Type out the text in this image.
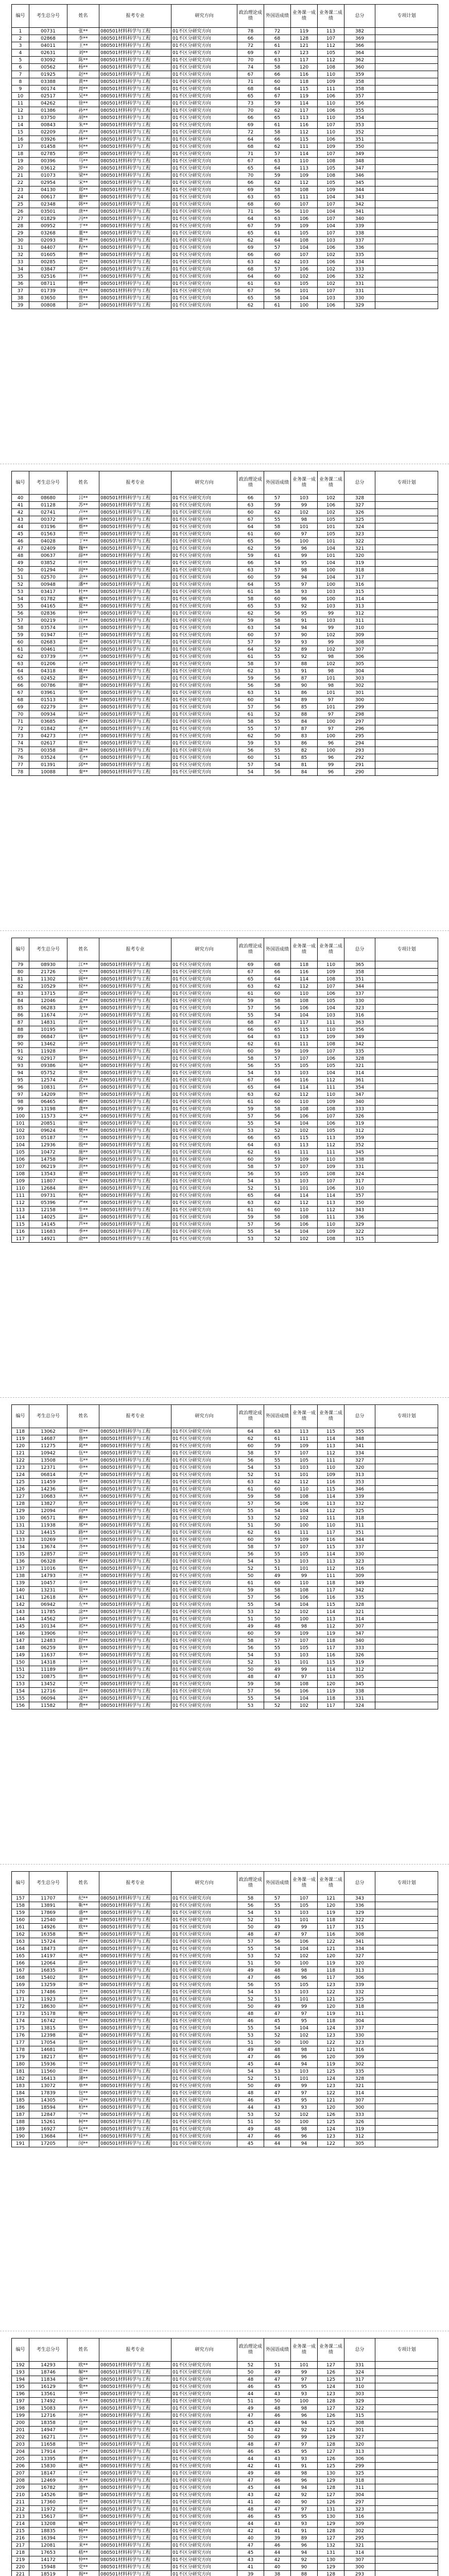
编号	考生总分号	姓名	报考专业	研究方向	政治理论成绩	外国语成绩	业务课一成绩	业务课二成绩	总分	专项计划
1	00731	张**	080501材料科学与工程	01不区分研究方向	78	72	119	113	382	
2	02868	李**	080501材料科学与工程	01不区分研究方向	66	68	128	107	369	
3	04011	王**	080501材料科学与工程	01不区分研究方向	72	61	121	112	366	
4	02631	刘**	080501材料科学与工程	01不区分研究方向	69	67	123	105	364	
5	03092	陈**	080501材料科学与工程	01不区分研究方向	70	63	117	112	362	
6	00562	杨**	080501材料科学与工程	01不区分研究方向	74	58	120	108	360	
7	01925	赵**	080501材料科学与工程	01不区分研究方向	67	66	116	110	359	
8	03388	黄**	080501材料科学与工程	01不区分研究方向	71	60	118	109	358	
9	00174	周**	080501材料科学与工程	01不区分研究方向	68	64	115	111	358	
10	02517	吴**	080501材料科学与工程	01不区分研究方向	65	67	119	106	357	
11	04262	徐**	080501材料科学与工程	01不区分研究方向	73	59	114	110	356	
12	01386	孙**	080501材料科学与工程	01不区分研究方向	70	62	117	106	355	
13	03750	胡**	080501材料科学与工程	01不区分研究方向	66	65	113	110	354	
14	00843	朱**	080501材料科学与工程	01不区分研究方向	69	61	116	107	353	
15	02209	高**	080501材料科学与工程	01不区分研究方向	72	58	112	110	352	
16	03926	林**	080501材料科学与工程	01不区分研究方向	64	66	115	106	351	
17	01458	何**	080501材料科学与工程	01不区分研究方向	68	62	111	109	350	
18	02785	郭**	080501材料科学与工程	01不区分研究方向	71	57	114	107	349	
19	00396	马**	080501材料科学与工程	01不区分研究方向	67	63	110	108	348	
20	03612	罗**	080501材料科学与工程	01不区分研究方向	65	64	113	105	347	
21	01073	梁**	080501材料科学与工程	01不区分研究方向	70	59	109	108	346	
22	02954	宋**	080501材料科学与工程	01不区分研究方向	66	62	112	105	345	
23	04130	郑**	080501材料科学与工程	01不区分研究方向	69	58	108	109	344	
24	00617	谢**	080501材料科学与工程	01不区分研究方向	63	65	111	104	343	
25	02348	韩**	080501材料科学与工程	01不区分研究方向	68	60	107	107	342	
26	03501	唐**	080501材料科学与工程	01不区分研究方向	71	56	110	104	341	
27	01829	冯**	080501材料科学与工程	01不区分研究方向	64	63	106	107	340	
28	00952	于**	080501材料科学与工程	01不区分研究方向	67	59	109	104	339	
29	03268	董**	080501材料科学与工程	01不区分研究方向	65	61	105	107	338	
30	02093	萧**	080501材料科学与工程	01不区分研究方向	62	64	108	103	337	
31	04407	程**	080501材料科学与工程	01不区分研究方向	69	57	104	106	336	
32	01605	曹**	080501材料科学与工程	01不区分研究方向	66	60	107	102	335	
33	00285	袁**	080501材料科学与工程	01不区分研究方向	63	62	103	106	334	
34	03847	邓**	080501材料科学与工程	01不区分研究方向	68	57	106	102	333	
35	02516	许**	080501材料科学与工程	01不区分研究方向	64	60	102	106	332	
36	08711	傅**	080501材料科学与工程	01不区分研究方向	61	63	105	102	331	
37	01739	沈**	080501材料科学与工程	01不区分研究方向	67	56	101	107	331	
38	03650	曾**	080501材料科学与工程	01不区分研究方向	65	58	104	103	330	
39	00808	彭**	080501材料科学与工程	01不区分研究方向	62	61	100	106	329	
编号	考生总分号	姓名	报考专业	研究方向	政治理论成绩	外国语成绩	业务课一成绩	业务课二成绩	总分	专项计划
40	08680	吕**	080501材料科学与工程	01不区分研究方向	66	57	103	102	328	
41	01128	苏**	080501材料科学与工程	01不区分研究方向	63	59	99	106	327	
42	02741	卢**	080501材料科学与工程	01不区分研究方向	60	62	102	102	326	
43	00372	蒋**	080501材料科学与工程	01不区分研究方向	67	55	98	105	325	
44	03196	蔡**	080501材料科学与工程	01不区分研究方向	64	58	101	101	324	
45	01563	贾**	080501材料科学与工程	01不区分研究方向	61	60	97	105	323	
46	04028	丁**	080501材料科学与工程	01不区分研究方向	65	56	100	101	322	
47	02409	魏**	080501材料科学与工程	01不区分研究方向	62	59	96	104	321	
48	00637	薛**	080501材料科学与工程	01不区分研究方向	59	61	99	101	320	
49	03852	叶**	080501材料科学与工程	01不区分研究方向	66	54	95	104	319	
50	01294	阎**	080501材料科学与工程	01不区分研究方向	63	57	98	100	318	
51	02570	余**	080501材料科学与工程	01不区分研究方向	60	59	94	104	317	
52	00948	潘**	080501材料科学与工程	01不区分研究方向	64	55	97	100	316	
53	03417	杜**	080501材料科学与工程	01不区分研究方向	61	58	93	103	315	
54	01782	戴**	080501材料科学与工程	01不区分研究方向	58	60	96	100	314	
55	04165	夏**	080501材料科学与工程	01不区分研究方向	65	53	92	103	313	
56	02836	钟**	080501材料科学与工程	01不区分研究方向	62	56	95	99	312	
57	00219	汪**	080501材料科学与工程	01不区分研究方向	59	58	91	103	311	
58	03574	田**	080501材料科学与工程	01不区分研究方向	63	54	94	99	310	
59	01947	任**	080501材料科学与工程	01不区分研究方向	60	57	90	102	309	
60	02683	姜**	080501材料科学与工程	01不区分研究方向	57	59	93	99	308	
61	00461	范**	080501材料科学与工程	01不区分研究方向	64	52	89	102	307	
62	03739	方**	080501材料科学与工程	01不区分研究方向	61	55	92	98	306	
63	01206	石**	080501材料科学与工程	01不区分研究方向	58	57	88	102	305	
64	04318	姚**	080501材料科学与工程	01不区分研究方向	62	53	91	98	304	
65	02452	谭**	080501材料科学与工程	01不区分研究方向	59	56	87	101	303	
66	00786	廖**	080501材料科学与工程	01不区分研究方向	56	58	90	98	302	
67	03961	邹**	080501材料科学与工程	01不区分研究方向	63	51	86	101	301	
68	01513	熊**	080501材料科学与工程	01不区分研究方向	60	54	89	97	300	
69	02279	金**	080501材料科学与工程	01不区分研究方向	57	56	85	101	299	
70	00934	陆**	080501材料科学与工程	01不区分研究方向	61	52	88	97	298	
71	03685	郝**	080501材料科学与工程	01不区分研究方向	58	55	84	100	297	
72	01842	孔**	080501材料科学与工程	01不区分研究方向	55	57	87	97	296	
73	04273	白**	080501材料科学与工程	01不区分研究方向	62	50	83	100	295	
74	02617	崔**	080501材料科学与工程	01不区分研究方向	59	53	86	96	294	
75	00358	康**	080501材料科学与工程	01不区分研究方向	56	55	82	100	293	
76	03524	毛**	080501材料科学与工程	01不区分研究方向	60	51	85	96	292	
77	01391	邱**	080501材料科学与工程	01不区分研究方向	57	54	81	99	291	
78	10088	秦**	080501材料科学与工程	01不区分研究方向	54	56	84	96	290	
编号	考生总分号	姓名	报考专业	研究方向	政治理论成绩	外国语成绩	业务课一成绩	业务课二成绩	总分	专项计划
79	08930	江**	080501材料科学与工程	01不区分研究方向	69	68	118	110	365	
80	21726	史**	080501材料科学与工程	01不区分研究方向	67	66	116	109	358	
81	11302	顾**	080501材料科学与工程	01不区分研究方向	65	64	114	108	351	
82	10529	侯**	080501材料科学与工程	01不区分研究方向	63	62	112	107	344	
83	13715	邵**	080501材料科学与工程	01不区分研究方向	61	60	110	106	337	
84	12046	孟**	080501材料科学与工程	01不区分研究方向	59	58	108	105	330	
85	06283	龙**	080501材料科学与工程	01不区分研究方向	57	56	106	104	323	
86	11674	万**	080501材料科学与工程	01不区分研究方向	55	54	104	103	316	
87	14831	段**	080501材料科学与工程	01不区分研究方向	68	67	117	111	363	
88	10195	雷**	080501材料科学与工程	01不区分研究方向	66	65	115	110	356	
89	06847	钱**	080501材料科学与工程	01不区分研究方向	64	63	113	109	349	
90	13462	汤**	080501材料科学与工程	01不区分研究方向	62	61	111	108	342	
91	11928	尹**	080501材料科学与工程	01不区分研究方向	60	59	109	107	335	
92	02917	黎**	080501材料科学与工程	01不区分研究方向	58	57	107	106	328	
93	09386	易**	080501材料科学与工程	01不区分研究方向	56	55	105	105	321	
94	05752	常**	080501材料科学与工程	01不区分研究方向	54	53	103	104	314	
95	12574	武**	080501材料科学与工程	01不区分研究方向	67	66	116	112	361	
96	10831	乔**	080501材料科学与工程	01不区分研究方向	65	64	114	111	354	
97	14209	贺**	080501材料科学与工程	01不区分研究方向	63	62	112	110	347	
98	06465	赖**	080501材料科学与工程	01不区分研究方向	61	60	110	109	340	
99	13198	龚**	080501材料科学与工程	01不区分研究方向	59	58	108	108	333	
100	11573	文**	080501材料科学与工程	01不区分研究方向	57	56	106	107	326	
101	20851	庞**	080501材料科学与工程	01不区分研究方向	55	54	104	106	319	
102	09624	樊**	080501材料科学与工程	01不区分研究方向	53	52	102	105	312	
103	05187	兰**	080501材料科学与工程	01不区分研究方向	66	65	115	113	359	
104	12936	殷**	080501材料科学与工程	01不区分研究方向	64	63	113	112	352	
105	10472	施**	080501材料科学与工程	01不区分研究方向	62	61	111	111	345	
106	14758	陶**	080501材料科学与工程	01不区分研究方向	60	59	109	110	338	
107	06219	洪**	080501材料科学与工程	01不区分研究方向	58	57	107	109	331	
108	13543	翟**	080501材料科学与工程	01不区分研究方向	56	55	105	108	324	
109	11807	安**	080501材料科学与工程	01不区分研究方向	54	53	103	107	317	
110	12684	颜**	080501材料科学与工程	01不区分研究方向	52	51	101	106	310	
111	09731	倪**	080501材料科学与工程	01不区分研究方向	65	64	114	114	357	
112	05396	严**	080501材料科学与工程	01不区分研究方向	63	62	112	113	350	
113	12158	牛**	080501材料科学与工程	01不区分研究方向	61	60	110	112	343	
114	14025	温**	080501材料科学与工程	01不区分研究方向	59	58	108	111	336	
115	14145	芦**	080501材料科学与工程	01不区分研究方向	57	56	106	110	329	
116	11683	季**	080501材料科学与工程	01不区分研究方向	55	54	104	109	322	
117	14921	俞**	080501材料科学与工程	01不区分研究方向	53	52	102	108	315	
编号	考生总分号	姓名	报考专业	研究方向	政治理论成绩	外国语成绩	业务课一成绩	业务课二成绩	总分	专项计划
118	13062	章**	080501材料科学与工程	01不区分研究方向	64	63	113	115	355	
119	14687	鲁**	080501材料科学与工程	01不区分研究方向	62	61	111	114	348	
120	11275	葛**	080501材料科学与工程	01不区分研究方向	60	59	109	113	341	
121	10942	伍**	080501材料科学与工程	01不区分研究方向	58	57	107	112	334	
122	13508	韦**	080501材料科学与工程	01不区分研究方向	56	55	105	111	327	
123	12371	申**	080501材料科学与工程	01不区分研究方向	54	53	103	110	320	
124	06814	尤**	080501材料科学与工程	01不区分研究方向	52	51	101	109	313	
125	11459	毕**	080501材料科学与工程	01不区分研究方向	63	62	112	116	353	
126	14236	聂**	080501材料科学与工程	01不区分研究方向	61	60	110	115	346	
127	10683	丛**	080501材料科学与工程	01不区分研究方向	59	58	108	114	339	
128	13827	焦**	080501材料科学与工程	01不区分研究方向	57	56	106	113	332	
129	12094	向**	080501材料科学与工程	01不区分研究方向	55	54	104	112	325	
130	06571	柳**	080501材料科学与工程	01不区分研究方向	53	52	102	111	318	
131	11938	邢**	080501材料科学与工程	01不区分研究方向	51	50	100	110	311	
132	14415	路**	080501材料科学与工程	01不区分研究方向	62	61	111	117	351	
133	10269	岳**	080501材料科学与工程	01不区分研究方向	60	59	109	116	344	
134	13674	齐**	080501材料科学与工程	01不区分研究方向	58	57	107	115	337	
135	12857	沿**	080501材料科学与工程	01不区分研究方向	56	55	105	114	330	
136	06328	梅**	080501材料科学与工程	01不区分研究方向	54	53	103	113	323	
137	11016	莫**	080501材料科学与工程	01不区分研究方向	52	51	101	112	316	
138	14793	庄**	080501材料科学与工程	01不区分研究方向	50	49	99	111	309	
139	10457	辛**	080501材料科学与工程	01不区分研究方向	61	60	110	118	349	
140	13231	管**	080501材料科学与工程	01不区分研究方向	59	58	108	117	342	
141	12618	祝**	080501材料科学与工程	01不区分研究方向	57	56	106	116	335	
142	06942	左**	080501材料科学与工程	01不区分研究方向	55	54	104	115	328	
143	11785	涂**	080501材料科学与工程	01不区分研究方向	53	52	102	114	321	
144	14562	谷**	080501材料科学与工程	01不区分研究方向	51	50	100	113	314	
145	10134	祁**	080501材料科学与工程	01不区分研究方向	49	48	98	112	307	
146	13906	时**	080501材料科学与工程	01不区分研究方向	60	59	109	119	347	
147	12483	舒**	080501材料科学与工程	01不区分研究方向	58	57	107	118	340	
148	06259	耿**	080501材料科学与工程	01不区分研究方向	56	55	105	117	333	
149	11637	牟**	080501材料科学与工程	01不区分研究方向	54	53	103	116	326	
150	14318	卜**	080501材料科学与工程	01不区分研究方向	52	51	101	115	319	
151	11189	路**	080501材料科学与工程	01不区分研究方向	50	49	99	114	312	
152	10875	詹**	080501材料科学与工程	01不区分研究方向	48	47	97	113	305	
153	13452	关**	080501材料科学与工程	01不区分研究方向	59	58	108	120	345	
154	12716	苗**	080501材料科学与工程	01不区分研究方向	57	56	106	119	338	
155	06094	凌**	080501材料科学与工程	01不区分研究方向	55	54	104	118	331	
156	11582	费**	080501材料科学与工程	01不区分研究方向	53	52	102	117	324	
编号	考生总分号	姓名	报考专业	研究方向	政治理论成绩	外国语成绩	业务课一成绩	业务课二成绩	总分	专项计划
157	11707	纪**	080501材料科学与工程	01不区分研究方向	58	57	107	121	343	
158	13891	靳**	080501材料科学与工程	01不区分研究方向	56	55	105	120	336	
159	17869	盛**	080501材料科学与工程	01不区分研究方向	54	53	103	119	329	
160	12540	童**	080501材料科学与工程	01不区分研究方向	52	51	101	118	322	
161	14926	欧**	080501材料科学与工程	01不区分研究方向	50	49	99	117	315	
162	16358	甄**	080501材料科学与工程	01不区分研究方向	48	47	97	116	308	
163	15724	项**	080501材料科学与工程	01不区分研究方向	57	56	106	122	341	
164	18473	曲**	080501材料科学与工程	01不区分研究方向	55	54	104	121	334	
165	14197	成**	080501材料科学与工程	01不区分研究方向	53	52	102	120	327	
166	12064	游**	080501材料科学与工程	01不区分研究方向	51	50	100	119	320	
167	16835	阳**	080501材料科学与工程	01不区分研究方向	49	48	98	118	313	
168	15402	裴**	080501材料科学与工程	01不区分研究方向	47	46	96	117	306	
169	13259	席**	080501材料科学与工程	01不区分研究方向	56	55	105	123	339	
170	17486	卫**	080501材料科学与工程	01不区分研究方向	54	53	103	122	332	
171	11923	查**	080501材料科学与工程	01不区分研究方向	52	51	101	121	325	
172	18630	屈**	080501材料科学与工程	01不区分研究方向	50	49	99	120	318	
173	15178	鲍**	080501材料科学与工程	01不区分研究方向	48	47	97	119	311	
174	16742	位**	080501材料科学与工程	01不区分研究方向	46	45	95	118	304	
175	13815	覃**	080501材料科学与工程	01不区分研究方向	55	54	104	124	337	
176	12398	霍**	080501材料科学与工程	01不区分研究方向	53	52	102	123	330	
177	17054	翁**	080501材料科学与工程	01不区分研究方向	51	50	100	122	323	
178	14681	隋**	080501材料科学与工程	01不区分研究方向	49	48	98	121	316	
179	18217	植**	080501材料科学与工程	01不区分研究方向	47	46	96	120	309	
180	15936	甘**	080501材料科学与工程	01不区分研究方向	45	44	94	119	302	
181	11560	景**	080501材料科学与工程	01不区分研究方向	54	53	103	125	335	
182	16413	薄**	080501材料科学与工程	01不区分研究方向	52	51	101	124	328	
183	13072	单**	080501材料科学与工程	01不区分研究方向	50	49	99	123	321	
184	17839	包**	080501材料科学与工程	01不区分研究方向	48	47	97	122	314	
185	14305	司**	080501材料科学与工程	01不区分研究方向	46	45	95	121	307	
186	18594	柏**	080501材料科学与工程	01不区分研究方向	44	43	93	120	300	
187	12847	宁**	080501材料科学与工程	01不区分研究方向	53	52	102	126	333	
188	15261	柯**	080501材料科学与工程	01不区分研究方向	51	50	100	125	326	
189	16927	阮**	080501材料科学与工程	01不区分研究方向	49	48	98	124	319	
190	13684	桂**	080501材料科学与工程	01不区分研究方向	47	46	96	123	312	
191	17205	闵**	080501材料科学与工程	01不区分研究方向	45	44	94	122	305	
编号	考生总分号	姓名	报考专业	研究方向	政治理论成绩	外国语成绩	业务课一成绩	业务课二成绩	总分	专项计划
192	14293	欧**	080501材料科学与工程	01不区分研究方向	52	51	101	127	331	
193	18746	解**	080501材料科学与工程	01不区分研究方向	50	49	99	126	324	
194	11834	强**	080501材料科学与工程	01不区分研究方向	48	47	97	125	317	
195	16129	柴**	080501材料科学与工程	01不区分研究方向	46	45	95	124	310	
196	13561	华**	080501材料科学与工程	01不区分研究方向	44	43	93	123	303	
197	17492	车**	080501材料科学与工程	01不区分研究方向	51	50	100	128	329	
198	15083	冉**	080501材料科学与工程	01不区分研究方向	49	48	98	127	322	
199	12716	房**	080501材料科学与工程	01不区分研究方向	47	46	96	126	315	
200	18358	边**	080501材料科学与工程	01不区分研究方向	45	44	94	125	308	
201	14947	辜**	080501材料科学与工程	01不区分研究方向	43	42	92	124	301	
202	16271	吉**	080501材料科学与工程	01不区分研究方向	50	49	99	129	327	
203	11658	饶**	080501材料科学与工程	01不区分研究方向	48	47	97	128	320	
204	17914	刁**	080501材料科学与工程	01不区分研究方向	46	45	95	127	313	
205	13395	瞿**	080501材料科学与工程	01不区分研究方向	44	43	93	126	306	
206	15830	戚**	080501材料科学与工程	01不区分研究方向	42	41	91	125	299	
207	18147	丘**	080501材料科学与工程	01不区分研究方向	49	48	98	130	325	
208	12469	米**	080501材料科学与工程	01不区分研究方向	47	46	96	129	318	
209	16782	池**	080501材料科学与工程	01不区分研究方向	45	44	94	128	311	
210	14526	滕**	080501材料科学与工程	01不区分研究方向	43	42	92	127	304	
211	17360	晋**	080501材料科学与工程	01不区分研究方向	41	40	90	126	297	
212	11972	苑**	080501材料科学与工程	01不区分研究方向	48	47	97	131	323	
213	15617	邬**	080501材料科学与工程	01不区分研究方向	46	45	95	130	316	
214	13208	臧**	080501材料科学与工程	01不区分研究方向	44	43	93	129	309	
215	18835	畅**	080501材料科学与工程	01不区分研究方向	42	41	91	128	302	
216	16394	宫**	080501材料科学与工程	01不区分研究方向	40	39	89	127	295	
217	12081	来**	080501材料科学与工程	01不区分研究方向	47	46	96	132	321	
218	17653	嵇**	080501材料科学与工程	01不区分研究方向	45	44	94	131	314	
219	14172	仲**	080501材料科学与工程	01不区分研究方向	43	42	92	130	307	
220	15948	党**	080501材料科学与工程	01不区分研究方向	41	40	90	129	300	
221	18519	揭**	080501材料科学与工程	01不区分研究方向	39	38	88	128	293	
